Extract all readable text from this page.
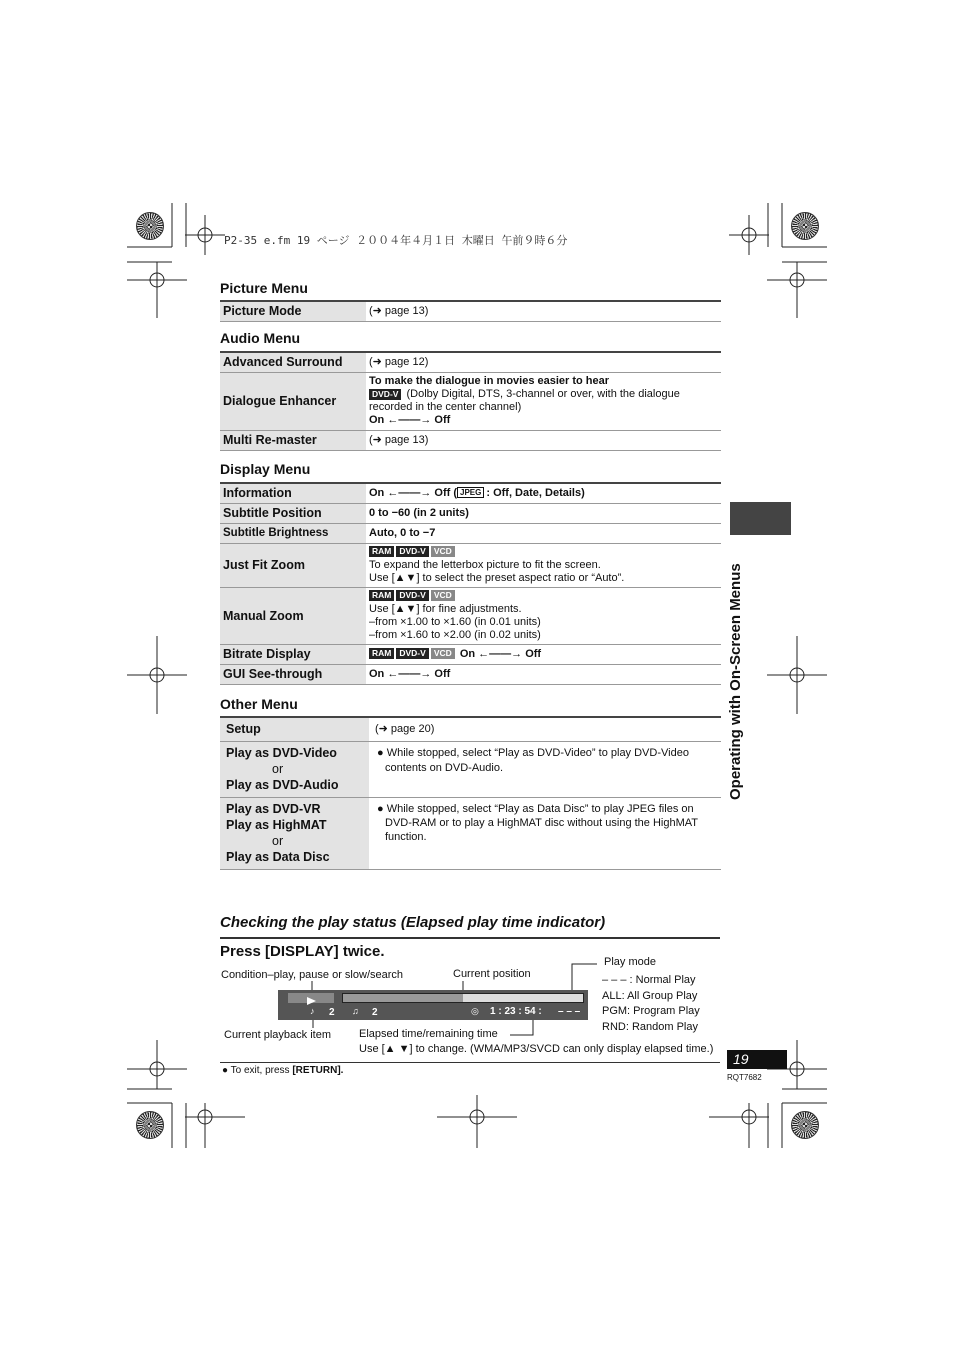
P2-35 e.fm 19 ページ ２００４年４月１日 木曜日 午前９時６分
Operating with On-Screen Menus
Picture Menu
Picture Mode	(➜ page 13)
Audio Menu
Advanced Surround	(➜ page 12)
Dialogue Enhancer	To make the dialogue in movies easier to hear
DVD-V (Dolby Digital, DTS, 3-channel or over, with the dialogue recorded in the center channel)
On ←——→ Off
Multi Re-master	(➜ page 13)
Display Menu
Information	On ←——→ Off ( JPEG : Off, Date, Details)
Subtitle Position	0 to −60 (in 2 units)
Subtitle Brightness	Auto, 0 to −7
Just Fit Zoom	RAM DVD-V VCD
To expand the letterbox picture to fit the screen.
Use [▲▼] to select the preset aspect ratio or “Auto”.
Manual Zoom	RAM DVD-V VCD
Use [▲▼] for fine adjustments.
–from ×1.00 to ×1.60 (in 0.01 units)
–from ×1.60 to ×2.00 (in 0.02 units)
Bitrate Display	RAM DVD-V VCD On ←——→ Off
GUI See-through	On ←——→ Off
Other Menu
Setup	(➜ page 20)
Play as DVD-Video
or
Play as DVD-Audio	● While stopped, select “Play as DVD-Video” to play DVD-Video contents on DVD-Audio.

Play as DVD-VR
Play as HighMAT
or
Play as Data Disc	● While stopped, select “Play as Data Disc” to play JPEG files on DVD-RAM or to play a HighMAT disc without using the HighMAT function.
Checking the play status (Elapsed play time indicator)
Press [DISPLAY] twice.
Condition–play, pause or slow/search	Current position
Play mode
– – – : Normal Play
ALL: All Group Play
PGM: Program Play
RND: Random Play
♪ 2 ♫ 2	◎ 1 : 23 : 54 : – – –
Current playback item	Elapsed time/remaining time
Use [▲ ▼] to change. (WMA/MP3/SVCD can only display elapsed time.)
● To exit, press [RETURN].
19
RQT7682
